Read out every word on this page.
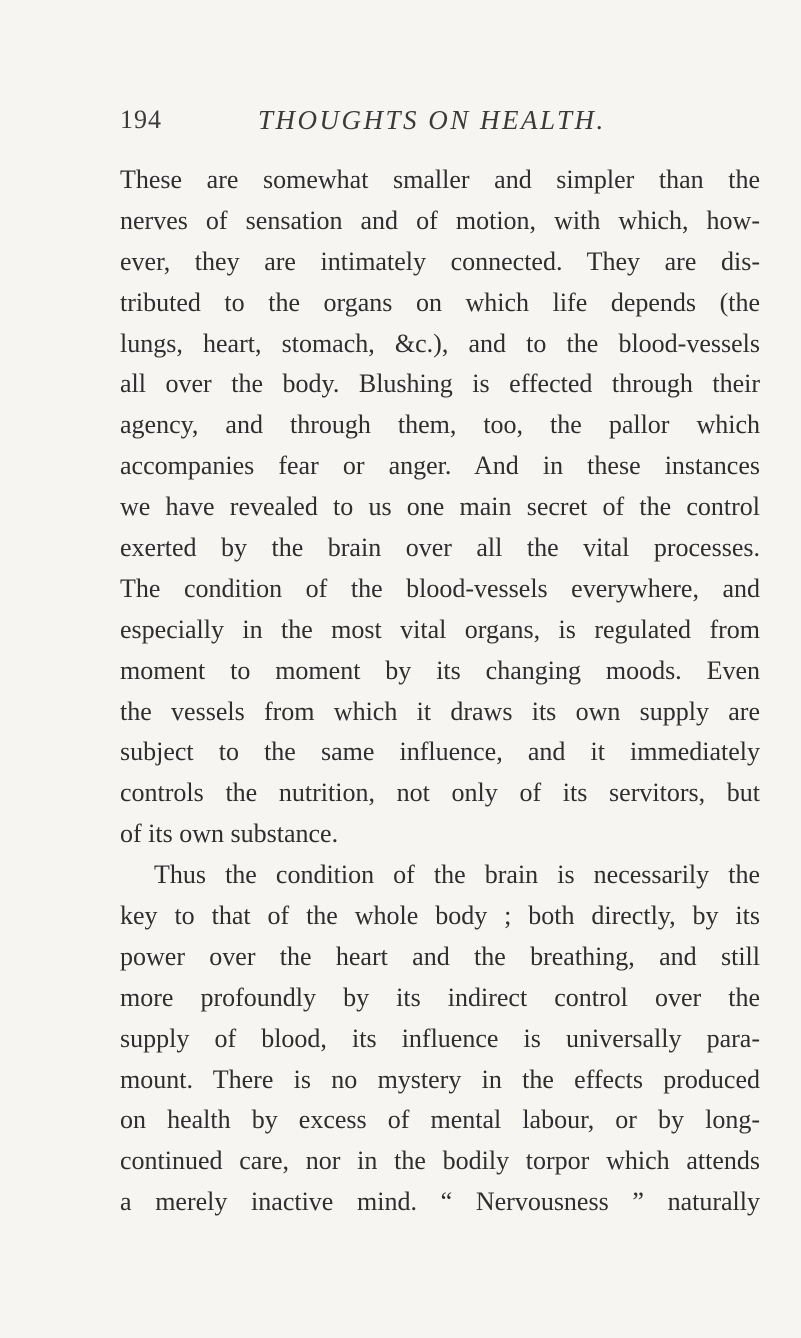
194	THOUGHTS ON HEALTH.
These are somewhat smaller and simpler than the
nerves of sensation and of motion, with which, how-
ever, they are intimately connected. They are dis-
tributed to the organs on which life depends (the
lungs, heart, stomach, &c.), and to the blood-vessels
all over the body. Blushing is effected through their
agency, and through them, too, the pallor which
accompanies fear or anger. And in these instances
we have revealed to us one main secret of the control
exerted by the brain over all the vital processes.
The condition of the blood-vessels everywhere, and
especially in the most vital organs, is regulated from
moment to moment by its changing moods. Even
the vessels from which it draws its own supply are
subject to the same influence, and it immediately
controls the nutrition, not only of its servitors, but
of its own substance.
Thus the condition of the brain is necessarily the
key to that of the whole body ; both directly, by its
power over the heart and the breathing, and still
more profoundly by its indirect control over the
supply of blood, its influence is universally para-
mount. There is no mystery in the effects produced
on health by excess of mental labour, or by long-
continued care, nor in the bodily torpor which attends
a merely inactive mind. “ Nervousness ” naturally
